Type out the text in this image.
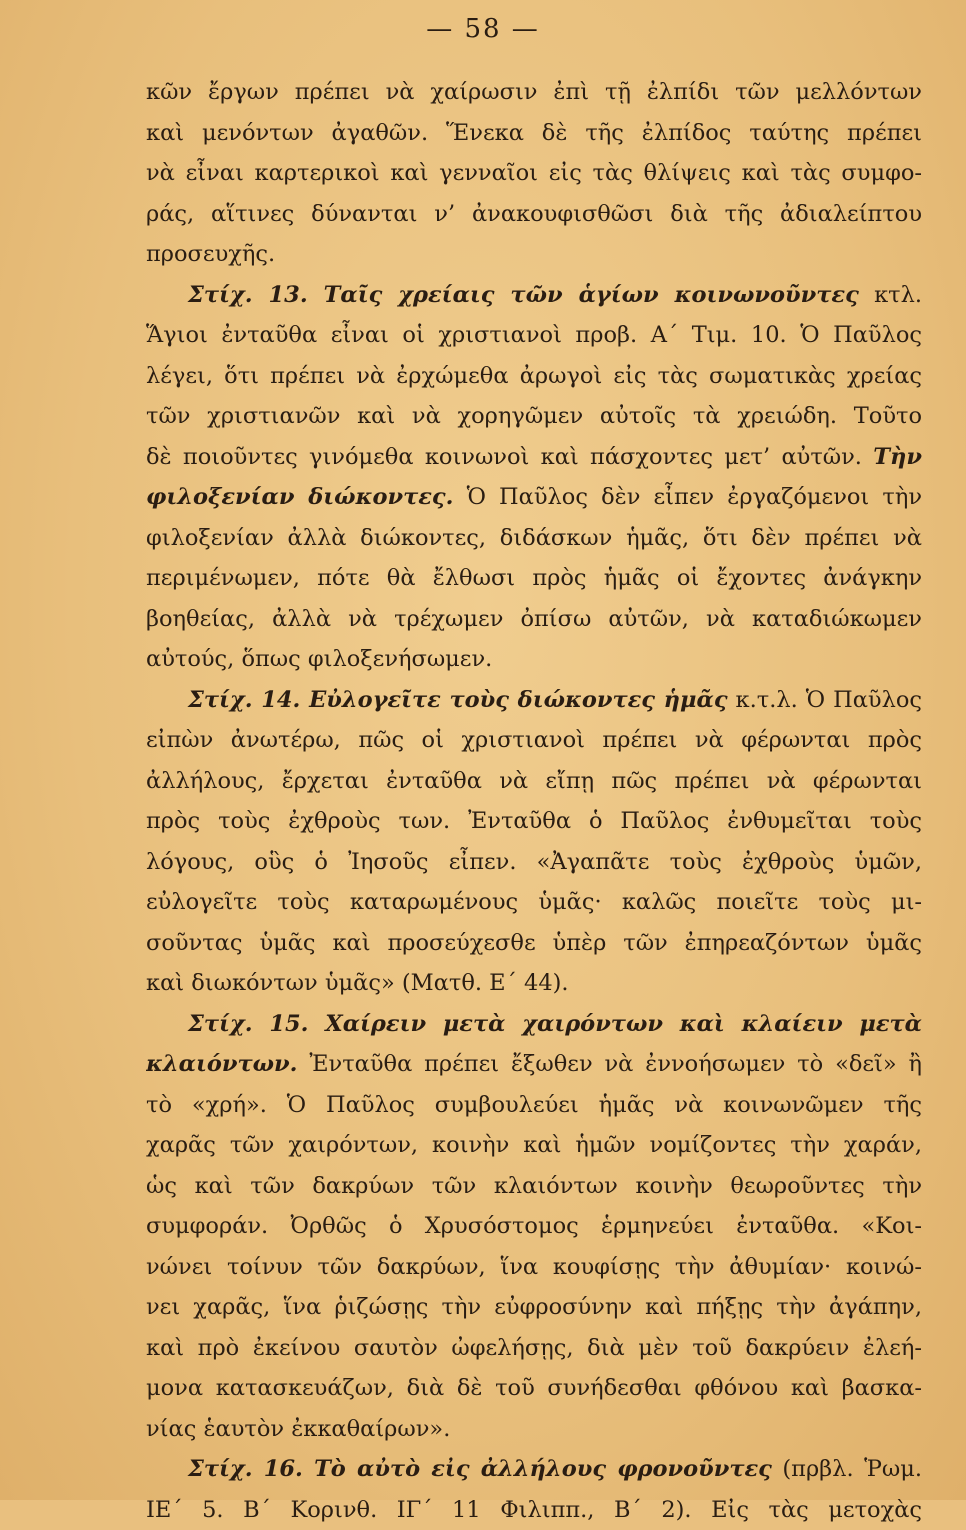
— 58 —
κῶν ἔργων πρέπει νὰ χαίρωσιν ἐπὶ τῇ ἐλπίδι τῶν μελλόντων
καὶ μενόντων ἀγαθῶν. Ἕνεκα δὲ τῆς ἐλπίδος ταύτης πρέπει
νὰ εἶναι καρτερικοὶ καὶ γενναῖοι εἰς τὰς θλίψεις καὶ τὰς συμφο-
ράς, αἵτινες δύνανται ν’ ἀνακουφισθῶσι διὰ τῆς ἀδιαλείπτου
προσευχῆς.
Στίχ. 13. Ταῖς χρείαις τῶν ἁγίων κοινωνοῦντες κτλ.
Ἅγιοι ἐνταῦθα εἶναι οἱ χριστιανοὶ προβ. Α΄ Τιμ. 10. Ὁ Παῦλος
λέγει, ὅτι πρέπει νὰ ἐρχώμεθα ἀρωγοὶ εἰς τὰς σωματικὰς χρείας
τῶν χριστιανῶν καὶ νὰ χορηγῶμεν αὐτοῖς τὰ χρειώδη. Τοῦτο
δὲ ποιοῦντες γινόμεθα κοινωνοὶ καὶ πάσχοντες μετ’ αὐτῶν. Τὴν
φιλοξενίαν διώκοντες. Ὁ Παῦλος δὲν εἶπεν ἐργαζόμενοι τὴν
φιλοξενίαν ἀλλὰ διώκοντες, διδάσκων ἡμᾶς, ὅτι δὲν πρέπει νὰ
περιμένωμεν, πότε θὰ ἔλθωσι πρὸς ἡμᾶς οἱ ἔχοντες ἀνάγκην
βοηθείας, ἀλλὰ νὰ τρέχωμεν ὀπίσω αὐτῶν, νὰ καταδιώκωμεν
αὐτούς, ὅπως φιλοξενήσωμεν.
Στίχ. 14. Εὐλογεῖτε τοὺς διώκοντες ἡμᾶς κ.τ.λ. Ὁ Παῦλος
εἰπὼν ἀνωτέρω, πῶς οἱ χριστιανοὶ πρέπει νὰ φέρωνται πρὸς
ἀλλήλους, ἔρχεται ἐνταῦθα νὰ εἴπῃ πῶς πρέπει νὰ φέρωνται
πρὸς τοὺς ἐχθροὺς των. Ἐνταῦθα ὁ Παῦλος ἐνθυμεῖται τοὺς
λόγους, οὓς ὁ Ἰησοῦς εἶπεν. «Ἀγαπᾶτε τοὺς ἐχθροὺς ὑμῶν,
εὐλογεῖτε τοὺς καταρωμένους ὑμᾶς· καλῶς ποιεῖτε τοὺς μι-
σοῦντας ὑμᾶς καὶ προσεύχεσθε ὑπὲρ τῶν ἐπηρεαζόντων ὑμᾶς
καὶ διωκόντων ὑμᾶς» (Ματθ. Ε΄ 44).
Στίχ. 15. Χαίρειν μετὰ χαιρόντων καὶ κλαίειν μετὰ
κλαιόντων. Ἐνταῦθα πρέπει ἔξωθεν νὰ ἐννοήσωμεν τὸ «δεῖ» ἢ
τὸ «χρή». Ὁ Παῦλος συμβουλεύει ἡμᾶς νὰ κοινωνῶμεν τῆς
χαρᾶς τῶν χαιρόντων, κοινὴν καὶ ἡμῶν νομίζοντες τὴν χαράν,
ὡς καὶ τῶν δακρύων τῶν κλαιόντων κοινὴν θεωροῦντες τὴν
συμφοράν. Ὀρθῶς ὁ Χρυσόστομος ἑρμηνεύει ἐνταῦθα. «Κοι-
νώνει τοίνυν τῶν δακρύων, ἵνα κουφίσῃς τὴν ἀθυμίαν· κοινώ-
νει χαρᾶς, ἵνα ῥιζώσῃς τὴν εὐφροσύνην καὶ πήξῃς τὴν ἀγάπην,
καὶ πρὸ ἐκείνου σαυτὸν ὠφελήσῃς, διὰ μὲν τοῦ δακρύειν ἐλεή-
μονα κατασκευάζων, διὰ δὲ τοῦ συνήδεσθαι φθόνου καὶ βασκα-
νίας ἑαυτὸν ἐκκαθαίρων».
Στίχ. 16. Τὸ αὐτὸ εἰς ἀλλήλους φρονοῦντες (πρβλ. Ῥωμ.
ΙΕ΄ 5. Β΄ Κορινθ. ΙΓ΄ 11 Φιλιππ., Β΄ 2). Εἰς τὰς μετοχὰς
